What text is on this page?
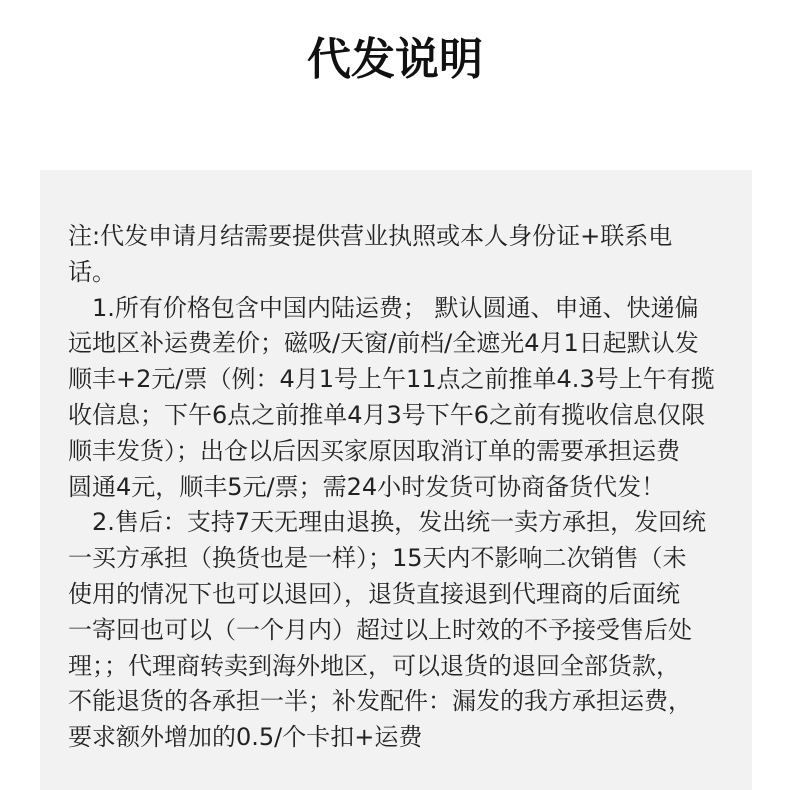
代发说明
注:代发申请月结需要提供营业执照或本人身份证+联系电
话。
1.所有价格包含中国内陆运费； 默认圆通、申通、快递偏
远地区补运费差价；磁吸/天窗/前档/全遮光4月1日起默认发
顺丰+2元/票（例：4月1号上午11点之前推单4.3号上午有揽
收信息；下午6点之前推单4月3号下午6之前有揽收信息仅限
顺丰发货）；出仓以后因买家原因取消订单的需要承担运费
圆通4元，顺丰5元/票；需24小时发货可协商备货代发！
2.售后：支持7天无理由退换，发出统一卖方承担，发回统
一买方承担（换货也是一样）；15天内不影响二次销售（未
使用的情况下也可以退回），退货直接退到代理商的后面统
一寄回也可以（一个月内）超过以上时效的不予接受售后处
理；；代理商转卖到海外地区，可以退货的退回全部货款，
不能退货的各承担一半；补发配件：漏发的我方承担运费，
要求额外增加的0.5/个卡扣+运费
